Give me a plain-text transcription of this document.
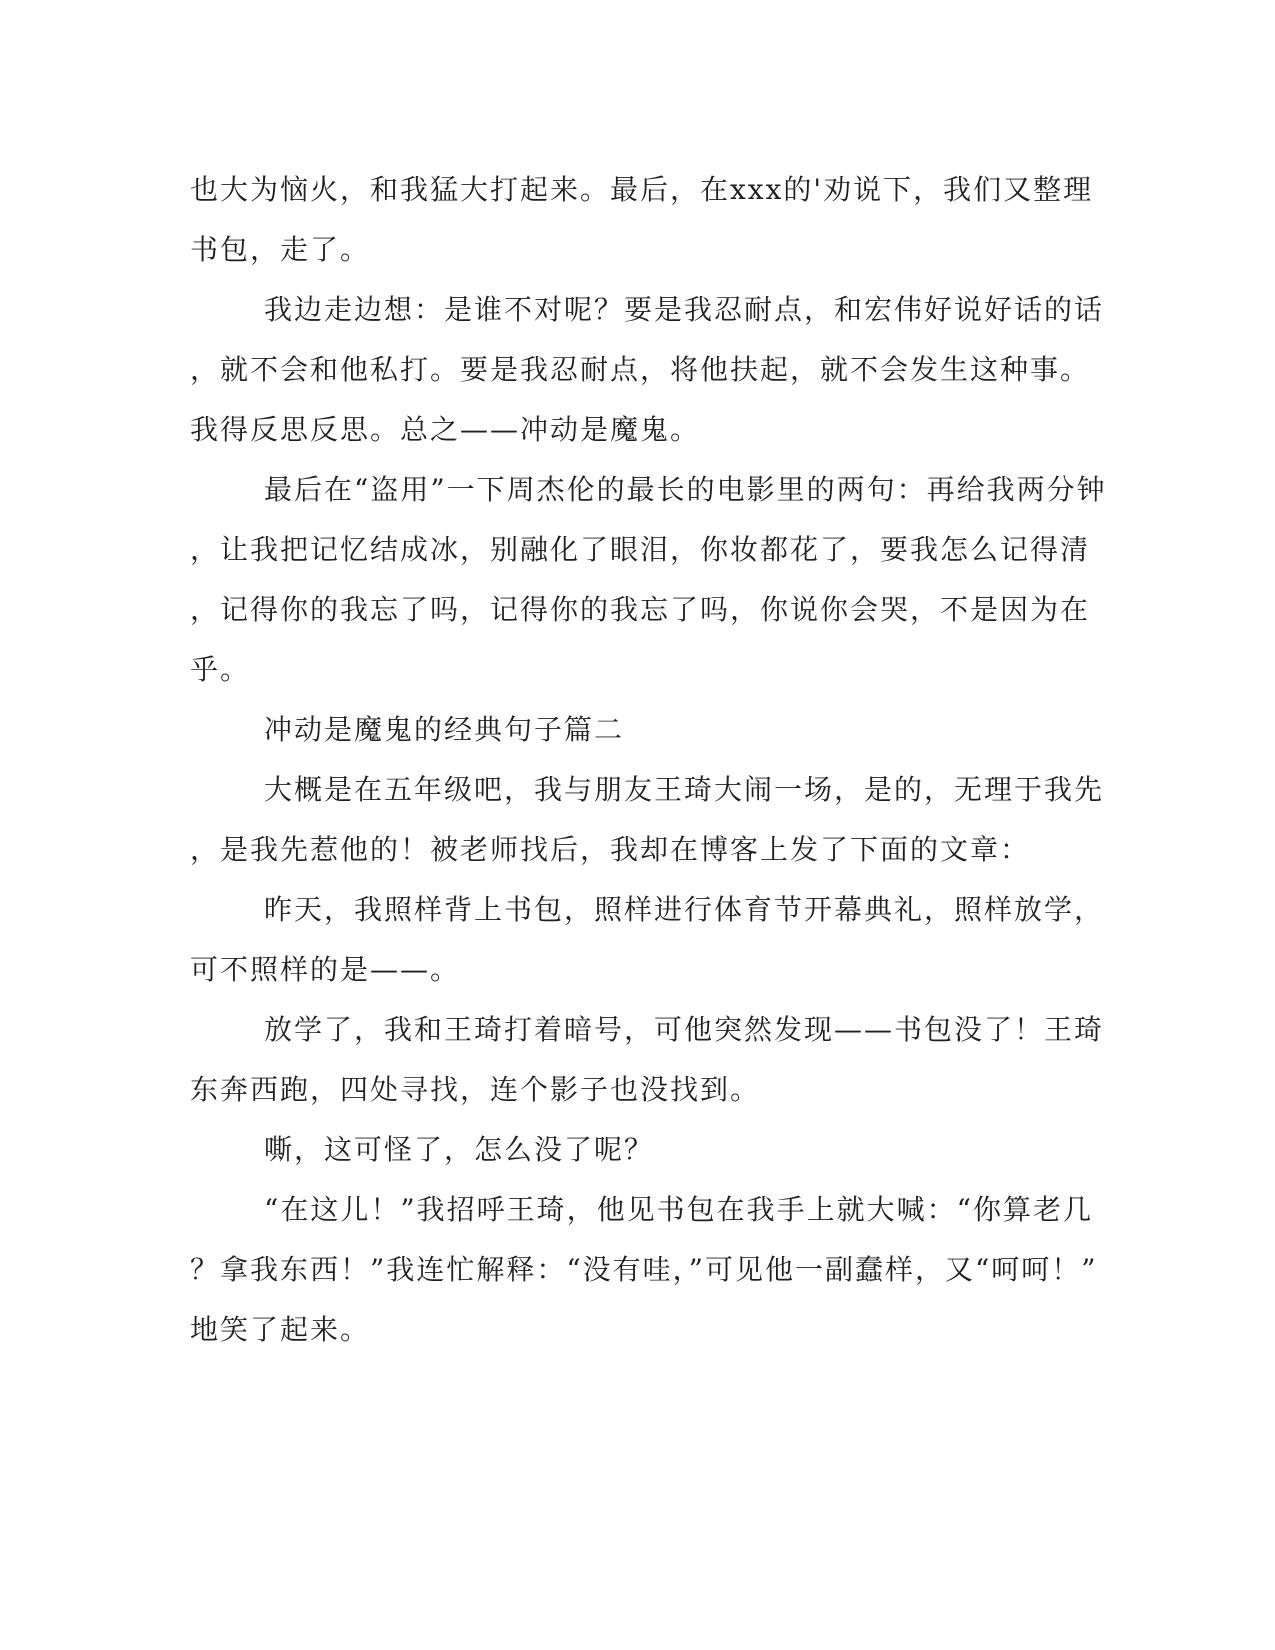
也大为恼火，和我猛大打起来。最后，在xxx的'劝说下，我们又整理
书包，走了。
我边走边想：是谁不对呢？要是我忍耐点，和宏伟好说好话的话
，就不会和他私打。要是我忍耐点，将他扶起，就不会发生这种事。
我得反思反思。总之——冲动是魔鬼。
最后在“盗用”一下周杰伦的最长的电影里的两句：再给我两分钟
，让我把记忆结成冰，别融化了眼泪，你妆都花了，要我怎么记得清
，记得你的我忘了吗，记得你的我忘了吗，你说你会哭，不是因为在
乎。
冲动是魔鬼的经典句子篇二
大概是在五年级吧，我与朋友王琦大闹一场，是的，无理于我先
，是我先惹他的！被老师找后，我却在博客上发了下面的文章：
昨天，我照样背上书包，照样进行体育节开幕典礼，照样放学，
可不照样的是——。
放学了，我和王琦打着暗号，可他突然发现——书包没了！王琦
东奔西跑，四处寻找，连个影子也没找到。
嘶，这可怪了，怎么没了呢？
“在这儿！”我招呼王琦，他见书包在我手上就大喊：“你算老几
？拿我东西！”我连忙解释：“没有哇，”可见他一副蠢样，又“呵呵！”
地笑了起来。
